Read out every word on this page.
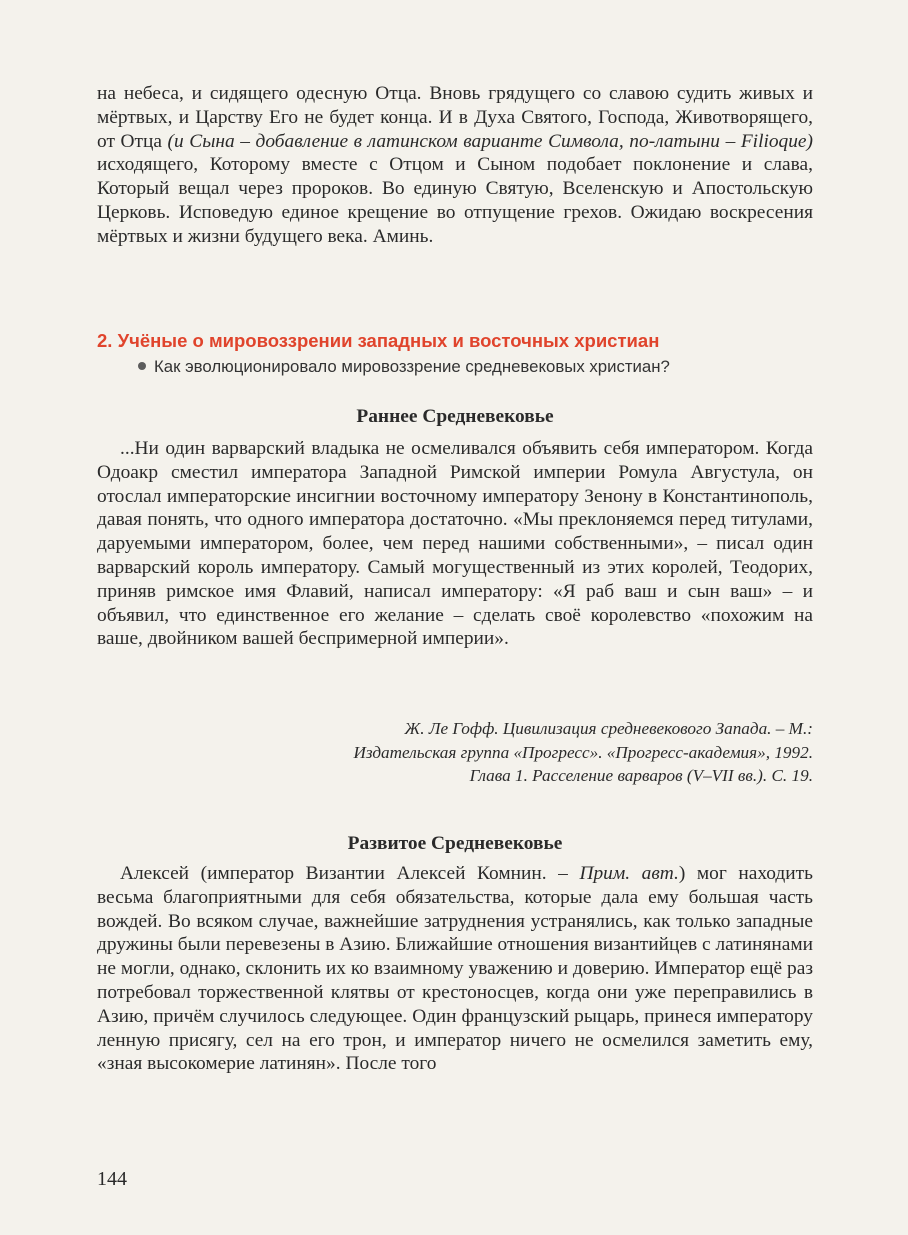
на небеса, и сидящего одесную Отца. Вновь грядущего со славою судить живых и мёртвых, и Царству Его не будет конца. И в Духа Святого, Господа, Животворящего, от Отца (и Сына – добавление в латинском варианте Символа, по-латыни – Filioque) исходящего, Которому вместе с Отцом и Сыном подобает поклонение и слава, Который вещал через пророков. Во единую Святую, Вселенскую и Апостольскую Церковь. Исповедую единое крещение во отпущение грехов. Ожидаю воскресения мёртвых и жизни будущего века. Аминь.

2. Учёные о мировоззрении западных и восточных христиан

Как эволюционировало мировоззрение средневековых христиан?

Раннее Средневековье

...Ни один варварский владыка не осмеливался объявить себя императором. Когда Одоакр сместил императора Западной Римской империи Ромула Августула, он отослал императорские инсигнии восточному императору Зенону в Константинополь, давая понять, что одного императора достаточно. «Мы преклоняемся перед титулами, даруемыми императором, более, чем перед нашими собственными», – писал один варварский король императору. Самый могущественный из этих королей, Теодорих, приняв римское имя Флавий, написал императору: «Я раб ваш и сын ваш» – и объявил, что единственное его желание – сделать своё королевство «похожим на ваше, двойником вашей беспримерной империи».

Ж. Ле Гофф. Цивилизация средневекового Запада. – М.:
Издательская группа «Прогресс». «Прогресс-академия», 1992.
Глава 1. Расселение варваров (V–VII вв.). С. 19.
Развитое Средневековье

Алексей (император Византии Алексей Комнин. – Прим. авт.) мог находить весьма благоприятными для себя обязательства, которые дала ему большая часть вождей. Во всяком случае, важнейшие затруднения устранялись, как только западные дружины были перевезены в Азию. Ближайшие отношения византийцев с латинянами не могли, однако, склонить их ко взаимному уважению и доверию. Император ещё раз потребовал торжественной клятвы от крестоносцев, когда они уже переправились в Азию, причём случилось следующее. Один французский рыцарь, принеся императору ленную присягу, сел на его трон, и император ничего не осмелился заметить ему, «зная высокомерие латинян». После того

144
